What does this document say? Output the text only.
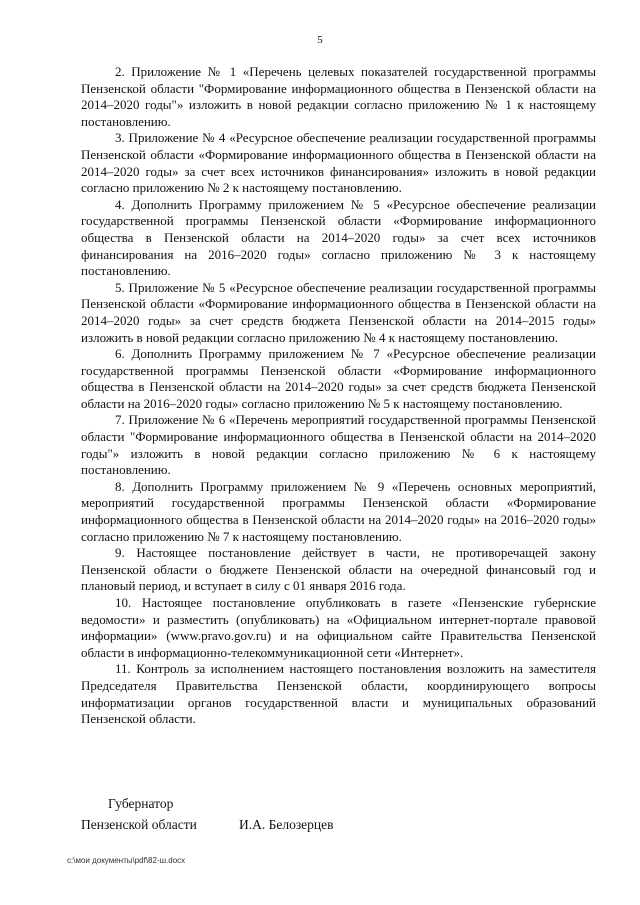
5

2. Приложение № 1 «Перечень целевых показателей государственной программы Пензенской области "Формирование информационного общества в Пензенской области на 2014–2020 годы"» изложить в новой редакции согласно приложению № 1 к настоящему постановлению.

3. Приложение № 4 «Ресурсное обеспечение реализации государственной программы Пензенской области «Формирование информационного общества в Пензенской области на 2014–2020 годы» за счет всех источников финансирования» изложить в новой редакции согласно приложению № 2 к настоящему постановлению.

4. Дополнить Программу приложением № 5 «Ресурсное обеспечение реализации государственной программы Пензенской области «Формирование информационного общества в Пензенской области на 2014–2020 годы» за счет всех источников финансирования на 2016–2020 годы» согласно приложению № 3 к настоящему постановлению.

5. Приложение № 5 «Ресурсное обеспечение реализации государственной программы Пензенской области «Формирование информационного общества в Пензенской области на 2014–2020 годы» за счет средств бюджета Пензенской области на 2014–2015 годы» изложить в новой редакции согласно приложению № 4 к настоящему постановлению.

6. Дополнить Программу приложением № 7 «Ресурсное обеспечение реализации государственной программы Пензенской области «Формирование информационного общества в Пензенской области на 2014–2020 годы» за счет средств бюджета Пензенской области на 2016–2020 годы» согласно приложению № 5 к настоящему постановлению.

7. Приложение № 6 «Перечень мероприятий государственной программы Пензенской области "Формирование информационного общества в Пензенской области на 2014–2020 годы"» изложить в новой редакции согласно приложению № 6 к настоящему постановлению.

8. Дополнить Программу приложением № 9 «Перечень основных мероприятий, мероприятий государственной программы Пензенской области «Формирование информационного общества в Пензенской области на 2014–2020 годы» на 2016–2020 годы» согласно приложению № 7 к настоящему постановлению.

9. Настоящее постановление действует в части, не противоречащей закону Пензенской области о бюджете Пензенской области на очередной финансовый год и плановый период, и вступает в силу с 01 января 2016 года.

10. Настоящее постановление опубликовать в газете «Пензенские губернские ведомости» и разместить (опубликовать) на «Официальном интернет-портале правовой информации» (www.pravo.gov.ru) и на официальном сайте Правительства Пензенской области в информационно-телекоммуникационной сети «Интернет».

11. Контроль за исполнением настоящего постановления возложить на заместителя Председателя Правительства Пензенской области, координирующего вопросы информатизации органов государственной власти и муниципальных образований Пензенской области.

Губернатор
Пензенской области	И.А. Белозерцев
c:\мои документы\pdf\82-ш.docx
